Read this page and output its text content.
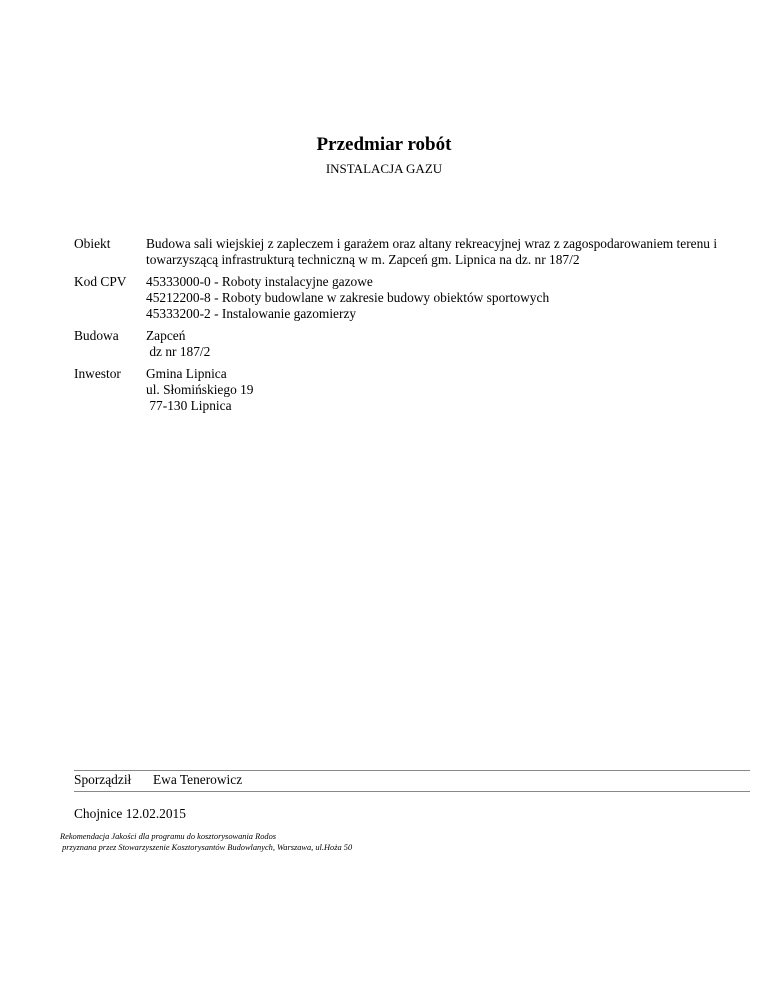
Przedmiar robót
INSTALACJA GAZU
Obiekt	Budowa sali wiejskiej z zapleczem i garażem oraz altany rekreacyjnej wraz z zagospodarowaniem terenu i towarzyszącą infrastrukturą techniczną w m. Zapceń gm. Lipnica na dz. nr 187/2
Kod CPV	45333000-0 - Roboty instalacyjne gazowe
45212200-8 - Roboty budowlane w zakresie budowy obiektów sportowych
45333200-2 - Instalowanie gazomierzy
Budowa	Zapceń
dz nr 187/2
Inwestor	Gmina Lipnica
ul. Słomińskiego 19
77-130 Lipnica
Sporządził	Ewa Tenerowicz
Chojnice 12.02.2015
Rekomendacja Jakości dla programu do kosztorysowania Rodos
przyznana przez Stowarzyszenie Kosztorysantów Budowlanych, Warszawa, ul.Hoża 50
